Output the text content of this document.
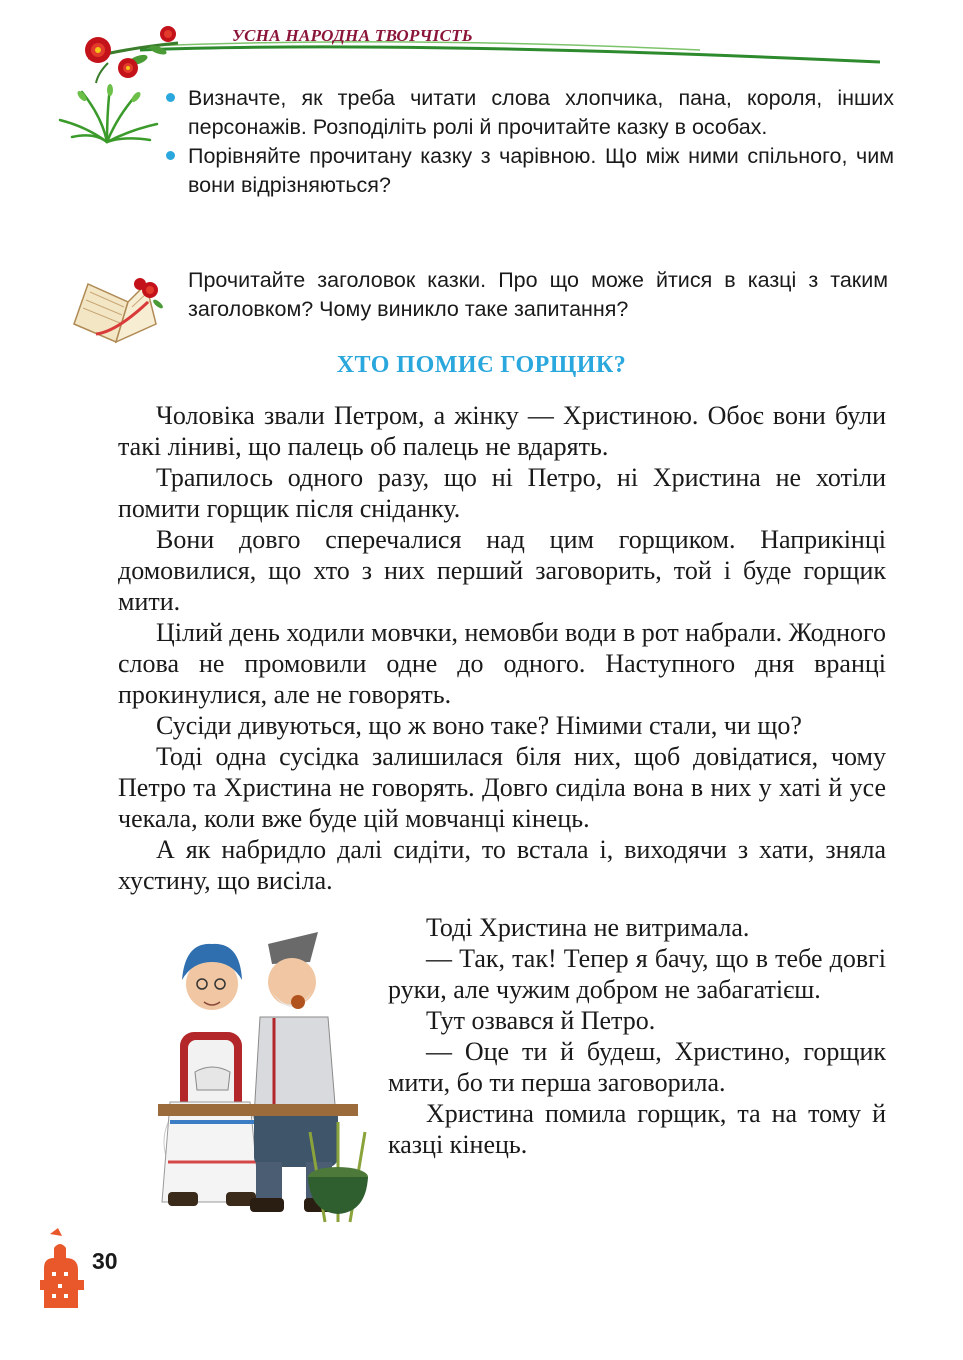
УСНА НАРОДНА ТВОРЧІСТЬ

Визначте, як треба читати слова хлопчика, пана, короля, інших персонажів. Розподіліть ролі й прочитайте казку в особах.

Порівняйте прочитану казку з чарівною. Що між ними спільного, чим вони відрізняються?

Прочитайте заголовок казки. Про що може йтися в казці з таким заголовком? Чому виникло таке запитання?
ХТО ПОМИЄ ГОРЩИК?

Чоловіка звали Петром, а жінку — Христиною. Обоє вони були такі ліниві, що палець об палець не вдарять.

Трапилось одного разу, що ні Петро, ні Христина не хотіли помити горщик після сніданку.

Вони довго сперечалися над цим горщиком. Наприкінці домовилися, що хто з них перший заговорить, той і буде горщик мити.

Цілий день ходили мовчки, немовби води в рот набрали. Жодного слова не промовили одне до одного. Наступного дня вранці прокинулися, але не говорять.

Сусіди дивуються, що ж воно таке? Німими стали, чи що?

Тоді одна сусідка залишилася біля них, щоб довідатися, чому Петро та Христина не говорять. Довго сиділа вона в них у хаті й усе чекала, коли вже буде цій мовчанці кінець.

А як набридло далі сидіти, то встала і, виходячи з хати, зняла хустину, що висіла.

Тоді Христина не витримала.

— Так, так! Тепер я бачу, що в тебе довгі руки, але чужим добром не забагатієш.

Тут озвався й Петро.

— Оце ти й будеш, Христино, горщик мити, бо ти перша заговорила.

Христина помила горщик, та на тому й казці кінець.

30
